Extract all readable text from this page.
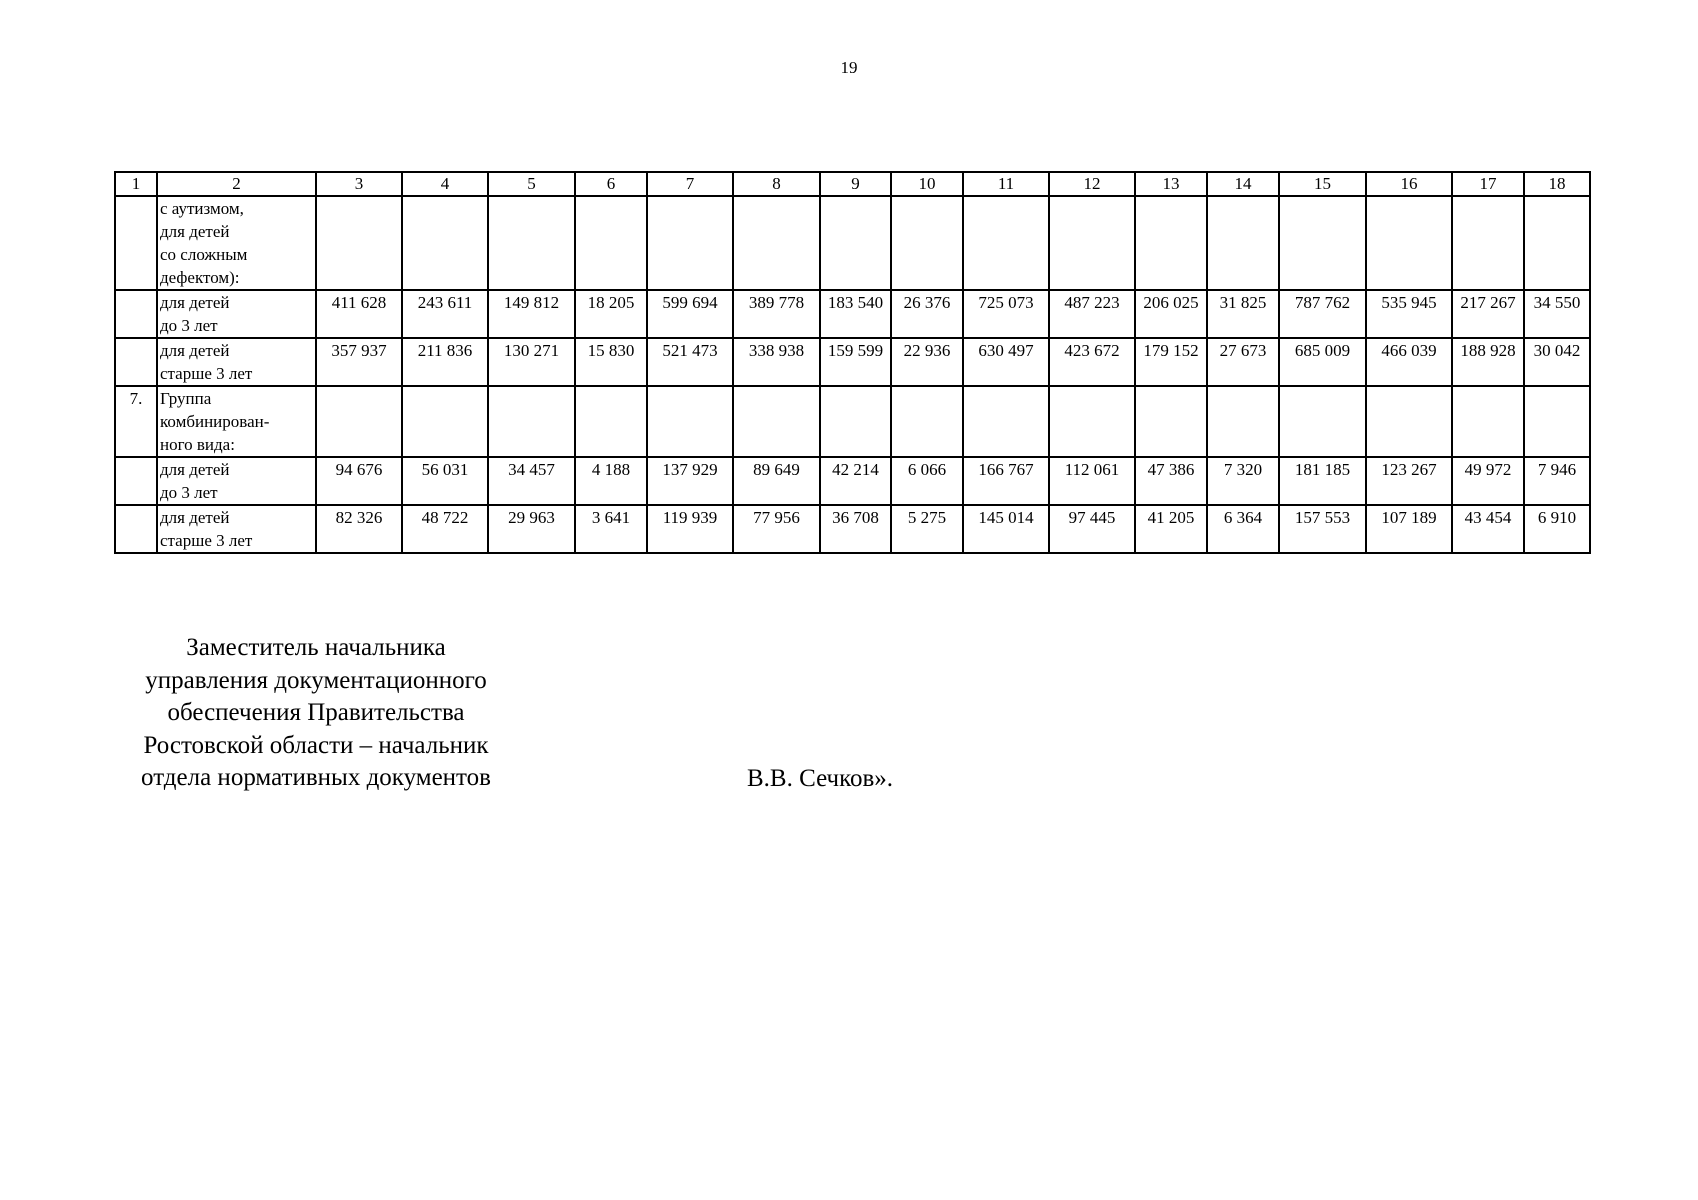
19
1	2	3	4	5	6	7	8	9	10	11	12	13	14	15	16	17	18

	с аутизмом,
для детей
со сложным
дефектом):																

	для детей
до 3 лет	411 628	243 611	149 812	18 205	599 694	389 778	183 540	26 376	725 073	487 223	206 025	31 825	787 762	535 945	217 267	34 550

	для детей
старше 3 лет	357 937	211 836	130 271	15 830	521 473	338 938	159 599	22 936	630 497	423 672	179 152	27 673	685 009	466 039	188 928	30 042
7.	Группа
комбинирован-
ного вида:																

	для детей
до 3 лет	94 676	56 031	34 457	4 188	137 929	89 649	42 214	6 066	166 767	112 061	47 386	7 320	181 185	123 267	49 972	7 946

	для детей
старше 3 лет	82 326	48 722	29 963	3 641	119 939	77 956	36 708	5 275	145 014	97 445	41 205	6 364	157 553	107 189	43 454	6 910
Заместитель начальника
управления документационного
обеспечения Правительства
Ростовской области – начальник
отдела нормативных документов	В.В. Сечков».
